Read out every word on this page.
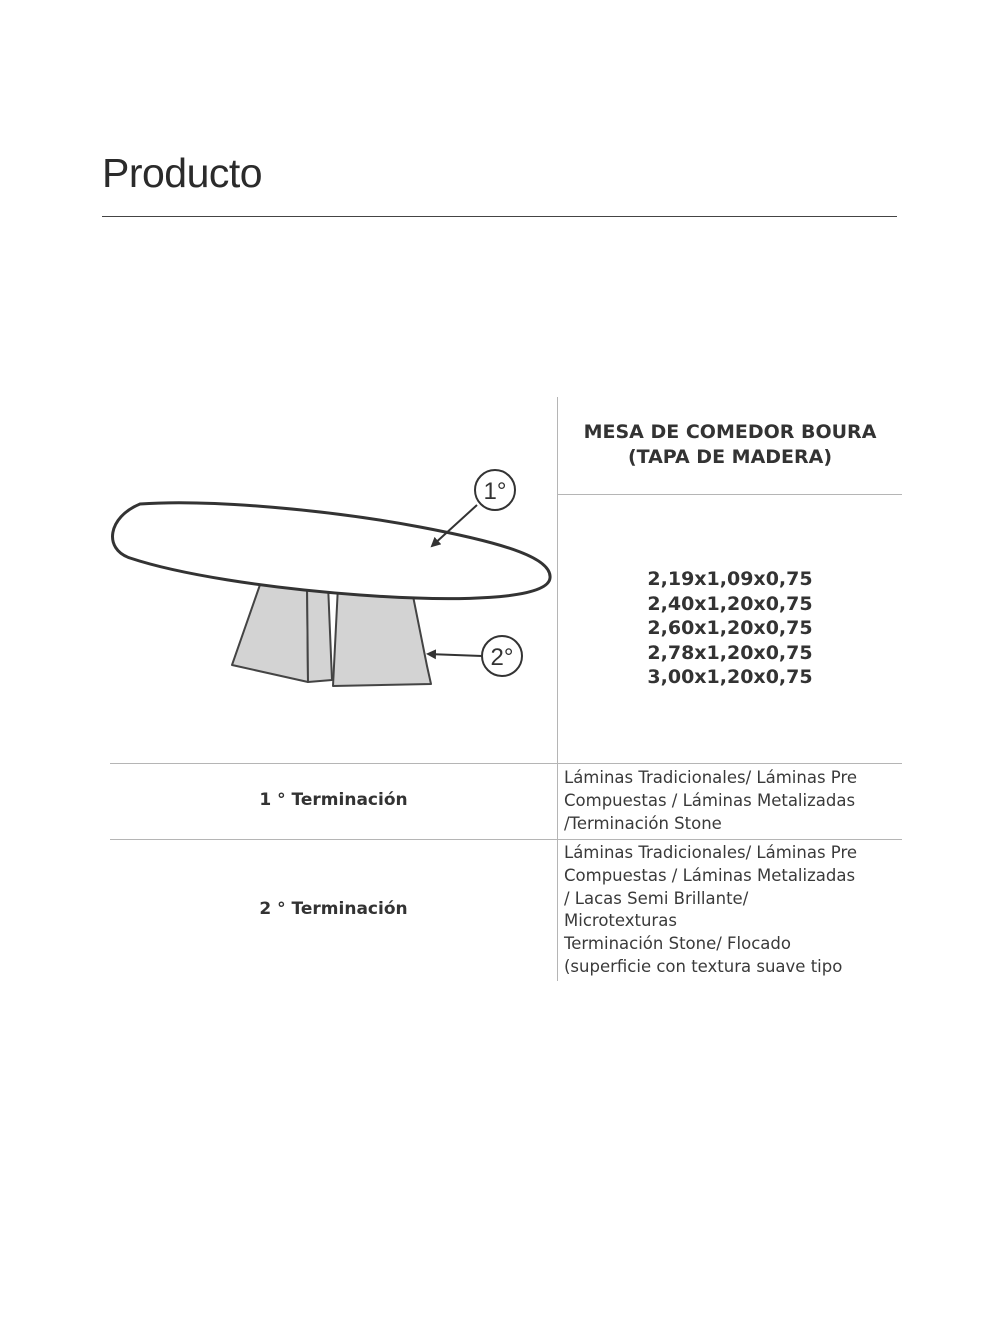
Producto
1°
2°
MESA DE COMEDOR BOURA
(TAPA DE MADERA)
2,19x1,09x0,75
2,40x1,20x0,75
2,60x1,20x0,75
2,78x1,20x0,75
3,00x1,20x0,75
1 ° Terminación
Láminas Tradicionales/ Láminas Pre
Compuestas / Láminas Metalizadas
/Terminación Stone
2 ° Terminación
Láminas Tradicionales/ Láminas Pre
Compuestas / Láminas Metalizadas
/ Lacas Semi Brillante/
Microtexturas
Terminación Stone/ Flocado
(superficie con textura suave tipo
